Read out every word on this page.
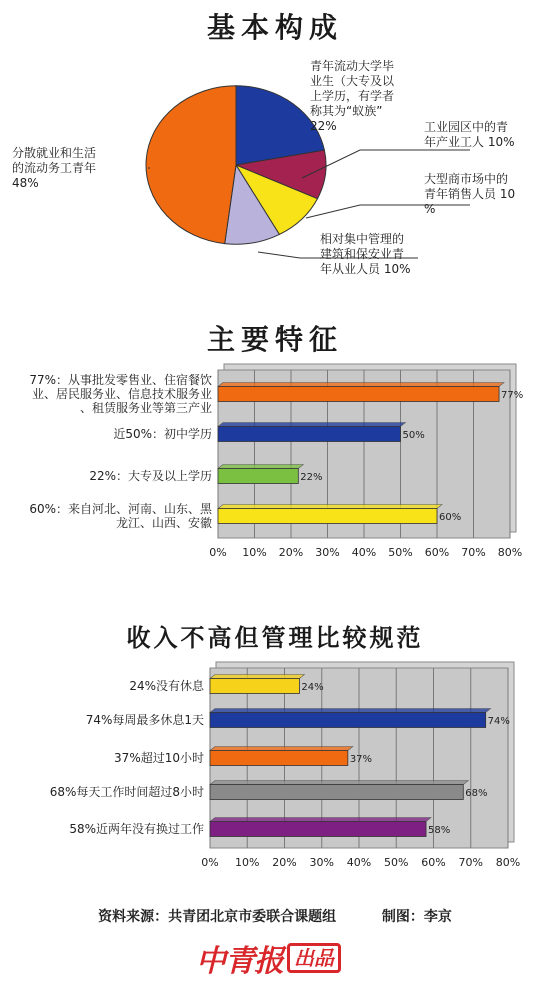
基本构成
青年流动大学毕
业生（大专及以
上学历，有学者
称其为“蚁族”
22%	工业园区中的青
年产业工人 10%
大型商市场中的
青年销售人员 10
%
相对集中管理的
建筑和保安业青
年从业人员 10%
分散就业和生活
的流动务工青年
48%
主要特征
0% 10% 20% 30% 40% 50% 60% 70% 80%
77%
77%：从事批发零售业、住宿餐饮
业、居民服务业、信息技术服务业
、租赁服务业等第三产业
50%
近50%：初中学历
22%
22%：大专及以上学历
60%
60%：来自河北、河南、山东、黑
龙江、山西、安徽
收入不高但管理比较规范
0% 10% 20% 30% 40% 50% 60% 70% 80%
24%
24%没有休息
74%
74%每周最多休息1天
37%
37%超过10小时
68%
68%每天工作时间超过8小时
58%
58%近两年没有换过工作
资料来源：共青团北京市委联合课题组	制图：李京
中青报 出品
